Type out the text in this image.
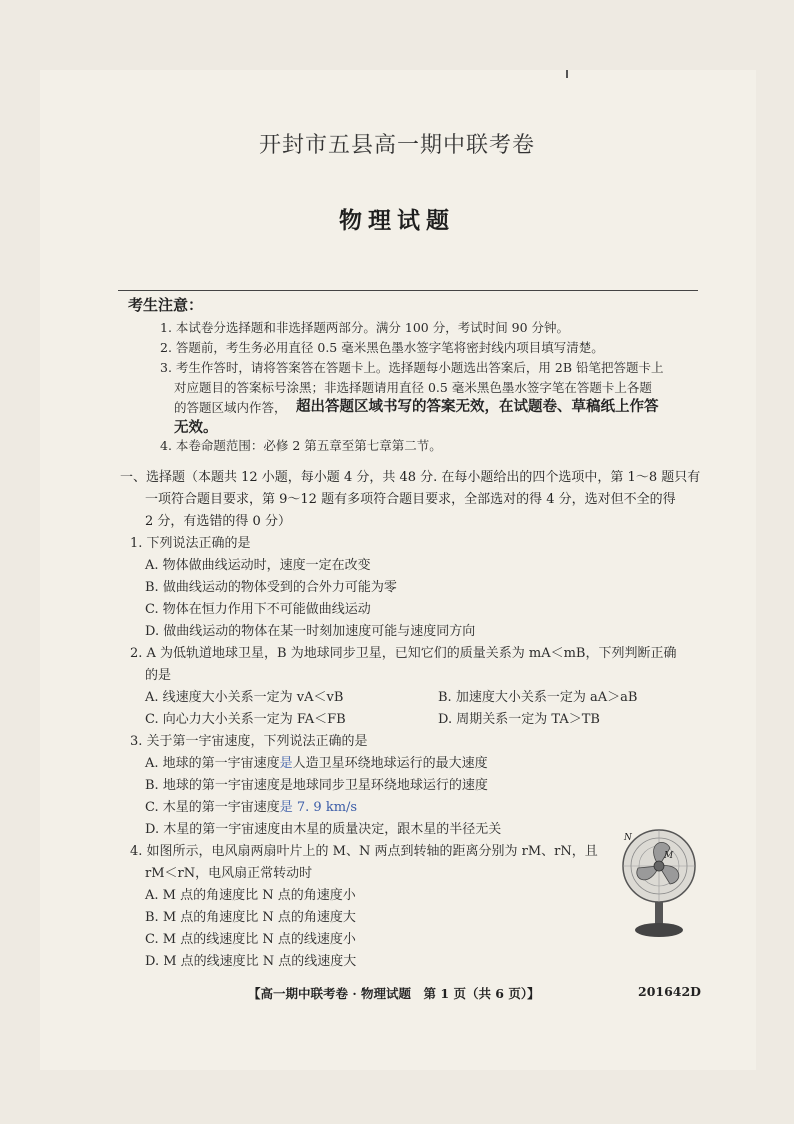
开封市五县高一期中联考卷
物理试题
考生注意：
1. 本试卷分选择题和非选择题两部分。满分 100 分，考试时间 90 分钟。
2. 答题前，考生务必用直径 0.5 毫米黑色墨水签字笔将密封线内项目填写清楚。
3. 考生作答时，请将答案答在答题卡上。选择题每小题选出答案后，用 2B 铅笔把答题卡上
对应题目的答案标号涂黑；非选择题请用直径 0.5 毫米黑色墨水签字笔在答题卡上各题
的答题区域内作答， 超出答题区域书写的答案无效，在试题卷、草稿纸上作答
无效。
4. 本卷命题范围：必修 2 第五章至第七章第二节。
一、选择题（本题共 12 小题，每小题 4 分，共 48 分. 在每小题给出的四个选项中，第 1～8 题只有
一项符合题目要求，第 9～12 题有多项符合题目要求，全部选对的得 4 分，选对但不全的得
2 分，有选错的得 0 分）
1. 下列说法正确的是
A. 物体做曲线运动时，速度一定在改变
B. 做曲线运动的物体受到的合外力可能为零
C. 物体在恒力作用下不可能做曲线运动
D. 做曲线运动的物体在某一时刻加速度可能与速度同方向
2. A 为低轨道地球卫星，B 为地球同步卫星，已知它们的质量关系为 mA＜mB，下列判断正确
的是
A. 线速度大小关系一定为 vA＜vB	B. 加速度大小关系一定为 aA＞aB
C. 向心力大小关系一定为 FA＜FB	D. 周期关系一定为 TA＞TB
3. 关于第一宇宙速度，下列说法正确的是
A. 地球的第一宇宙速度是人造卫星环绕地球运行的最大速度
B. 地球的第一宇宙速度是地球同步卫星环绕地球运行的速度
C. 木星的第一宇宙速度是 7. 9 km/s
D. 木星的第一宇宙速度由木星的质量决定，跟木星的半径无关
4. 如图所示，电风扇两扇叶片上的 M、N 两点到转轴的距离分别为 rM、rN，且
rM＜rN，电风扇正常转动时
A. M 点的角速度比 N 点的角速度小
B. M 点的角速度比 N 点的角速度大
C. M 点的线速度比 N 点的线速度小
D. M 点的线速度比 N 点的线速度大
N
M
【高一期中联考卷 · 物理试题　第 1 页（共 6 页）】	201642D
